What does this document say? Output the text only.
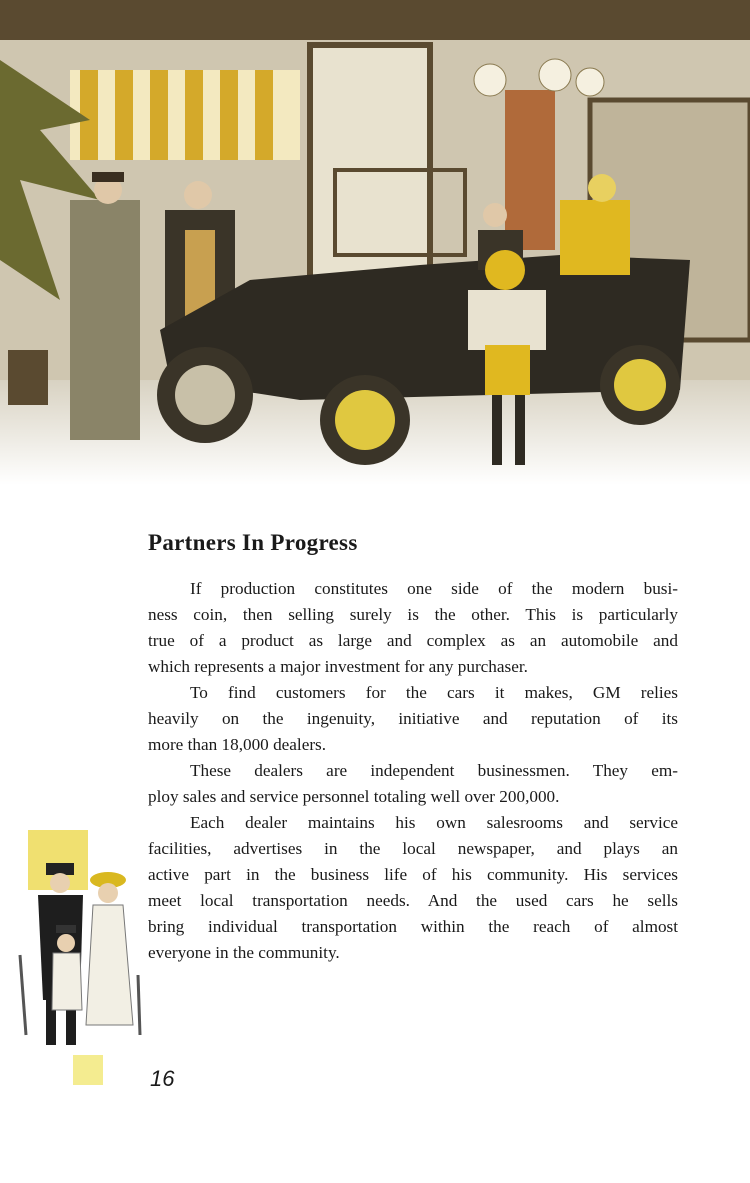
Partners In Progress
If production constitutes one side of the modern busi-
ness coin, then selling surely is the other. This is particularly
true of a product as large and complex as an automobile and
which represents a major investment for any purchaser.
To find customers for the cars it makes, GM relies
heavily on the ingenuity, initiative and reputation of its
more than 18,000 dealers.
These dealers are independent businessmen. They em-
ploy sales and service personnel totaling well over 200,000.
Each dealer maintains his own salesrooms and service
facilities, advertises in the local newspaper, and plays an
active part in the business life of his community. His services
meet local transportation needs. And the used cars he sells
bring individual transportation within the reach of almost
everyone in the community.
16
